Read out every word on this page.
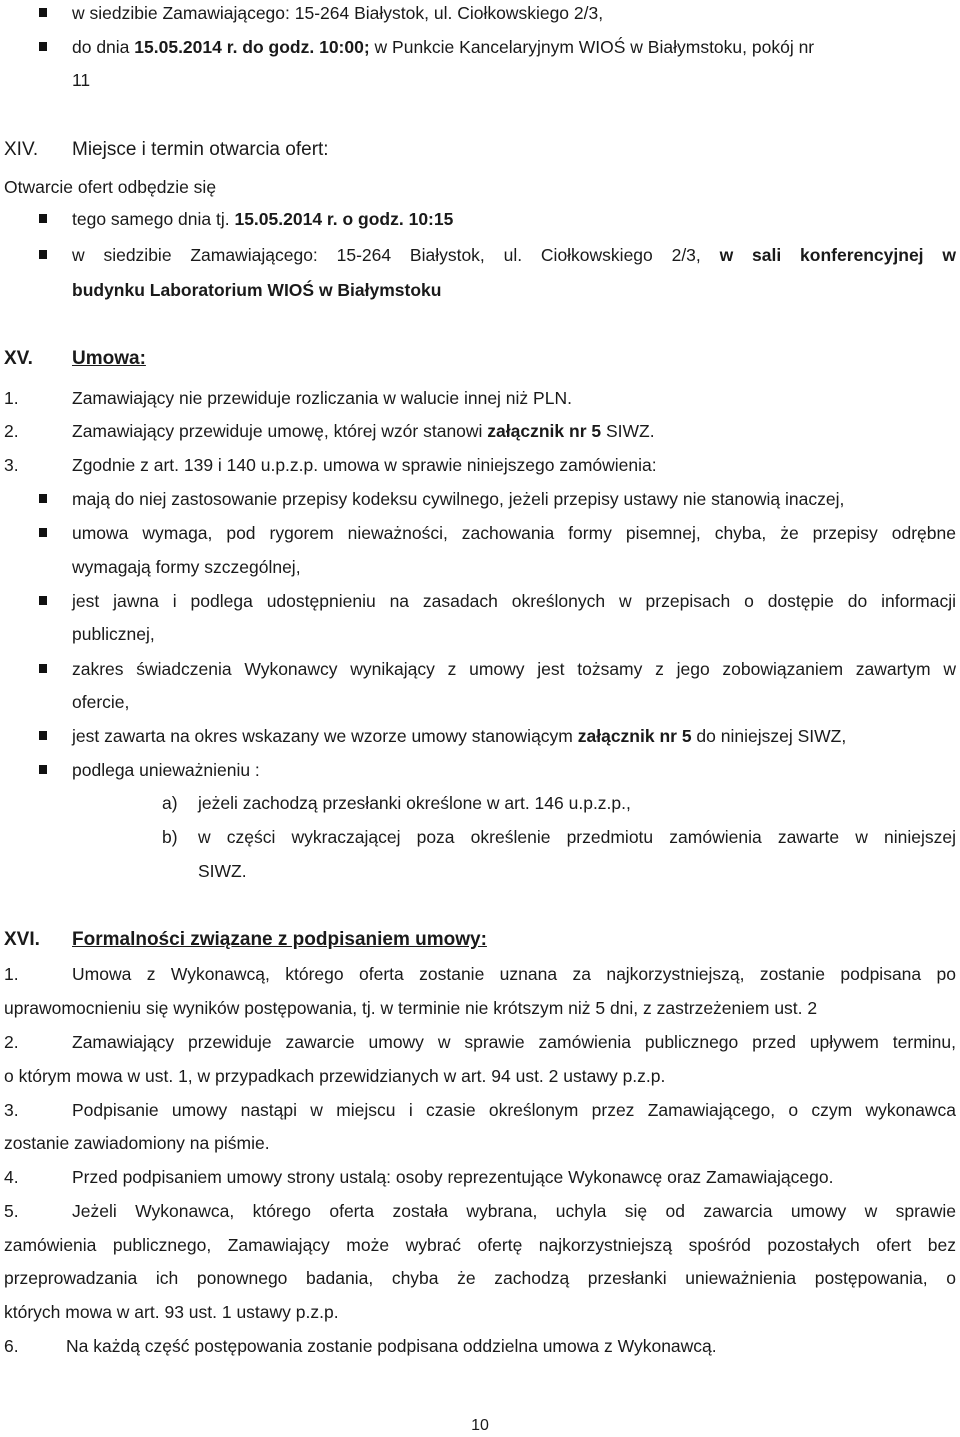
w siedzibie Zamawiającego: 15-264 Białystok, ul. Ciołkowskiego 2/3,
do dnia 15.05.2014 r. do godz. 10:00; w Punkcie Kancelaryjnym WIOŚ w Białymstoku, pokój nr
11
XIV. Miejsce i termin otwarcia ofert:
Otwarcie ofert odbędzie się
tego samego dnia tj. 15.05.2014 r. o godz. 10:15
w siedzibie Zamawiającego: 15-264 Białystok, ul. Ciołkowskiego 2/3, w sali konferencyjnej w
budynku Laboratorium WIOŚ w Białymstoku
XV. Umowa:
1.	Zamawiający nie przewiduje rozliczania w walucie innej niż PLN.
2.	Zamawiający przewiduje umowę, której wzór stanowi załącznik nr 5 SIWZ.
3.	Zgodnie z art. 139 i 140 u.p.z.p. umowa w sprawie niniejszego zamówienia:
mają do niej zastosowanie przepisy kodeksu cywilnego, jeżeli przepisy ustawy nie stanowią inaczej,
umowa wymaga, pod rygorem nieważności, zachowania formy pisemnej, chyba, że przepisy odrębne
wymagają formy szczególnej,
jest jawna i podlega udostępnieniu na zasadach określonych w przepisach o dostępie do informacji
publicznej,
zakres świadczenia Wykonawcy wynikający z umowy jest tożsamy z jego zobowiązaniem zawartym w
ofercie,
jest zawarta na okres wskazany we wzorze umowy stanowiącym załącznik nr 5 do niniejszej SIWZ,
podlega unieważnieniu :
a) jeżeli zachodzą przesłanki określone w art. 146 u.p.z.p.,
b) w części wykraczającej poza określenie przedmiotu zamówienia zawarte w niniejszej
SIWZ.
XVI. Formalności związane z podpisaniem umowy:
1.	Umowa z Wykonawcą, którego oferta zostanie uznana za najkorzystniejszą, zostanie podpisana po
uprawomocnieniu się wyników postępowania, tj. w terminie nie krótszym niż 5 dni, z zastrzeżeniem ust. 2
2.	Zamawiający przewiduje zawarcie umowy w sprawie zamówienia publicznego przed upływem terminu,
o którym mowa w ust. 1, w przypadkach przewidzianych w art. 94 ust. 2 ustawy p.z.p.
3.	Podpisanie umowy nastąpi w miejscu i czasie określonym przez Zamawiającego, o czym wykonawca
zostanie zawiadomiony na piśmie.
4.	Przed podpisaniem umowy strony ustalą: osoby reprezentujące Wykonawcę oraz Zamawiającego.
5.	Jeżeli Wykonawca, którego oferta została wybrana, uchyla się od zawarcia umowy w sprawie
zamówienia publicznego, Zamawiający może wybrać ofertę najkorzystniejszą spośród pozostałych ofert bez
przeprowadzania ich ponownego badania, chyba że zachodzą przesłanki unieważnienia postępowania, o
których mowa w art. 93 ust. 1 ustawy p.z.p.
6.	Na każdą część postępowania zostanie podpisana oddzielna umowa z Wykonawcą.
10
